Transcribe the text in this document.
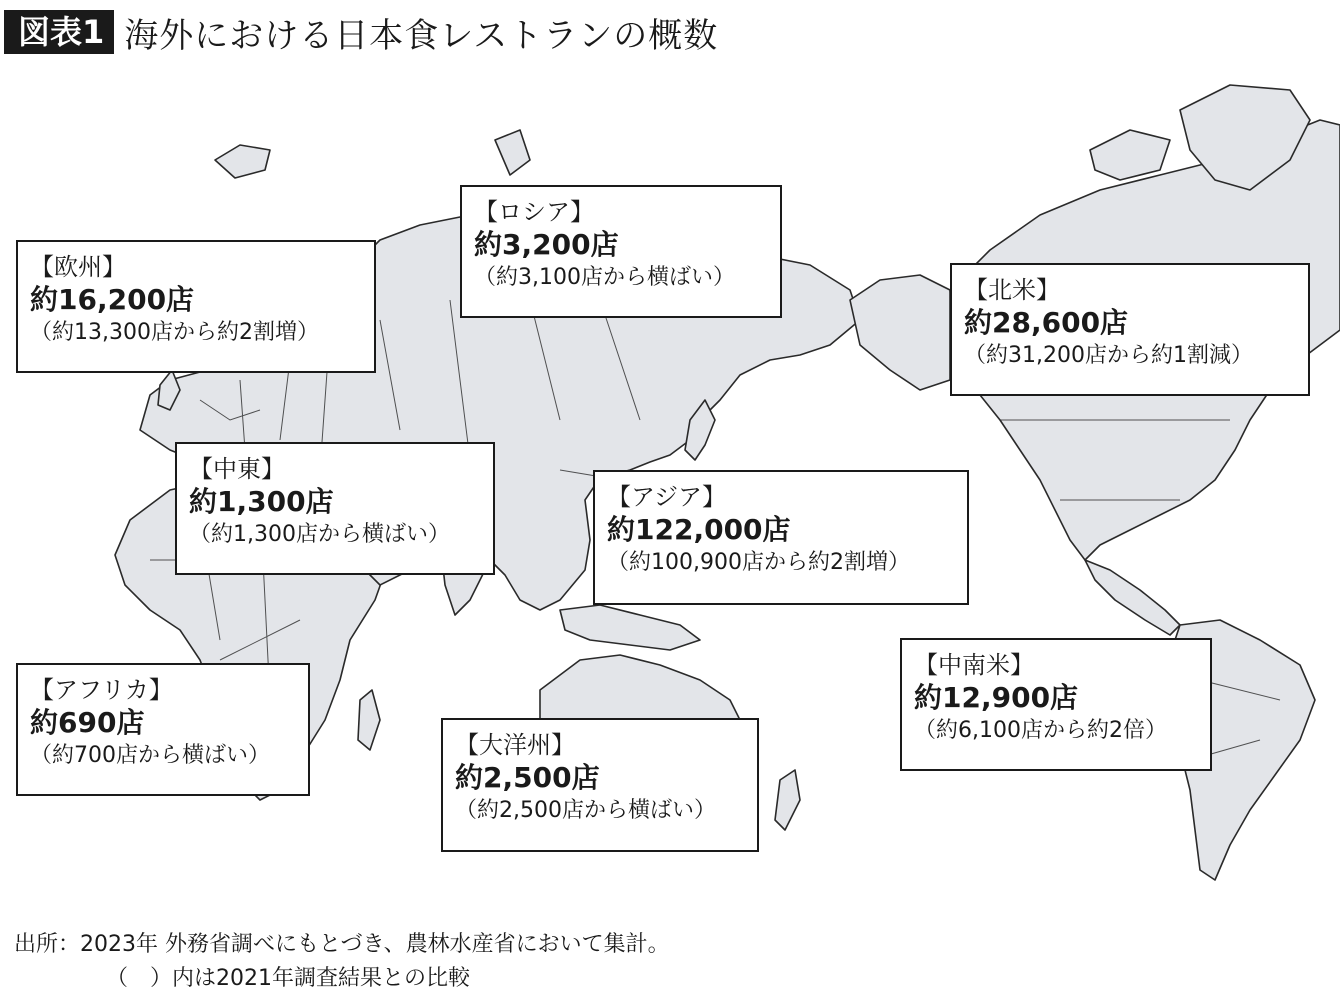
図表1 海外における日本食レストランの概数
【欧州】
約16,200店
（約13,300店から約2割増）
【ロシア】
約3,200店
（約3,100店から横ばい）	【北米】
約28,600店
（約31,200店から約1割減）
【中東】
約1,300店
（約1,300店から横ばい）
【アジア】
約122,000店
（約100,900店から約2割増）
【中南米】
約12,900店
（約6,100店から約2倍）
【アフリカ】
約690店
（約700店から横ばい）	【大洋州】
約2,500店
（約2,500店から横ばい）
出所：2023年 外務省調べにもとづき、農林水産省において集計。
（　）内は2021年調査結果との比較
